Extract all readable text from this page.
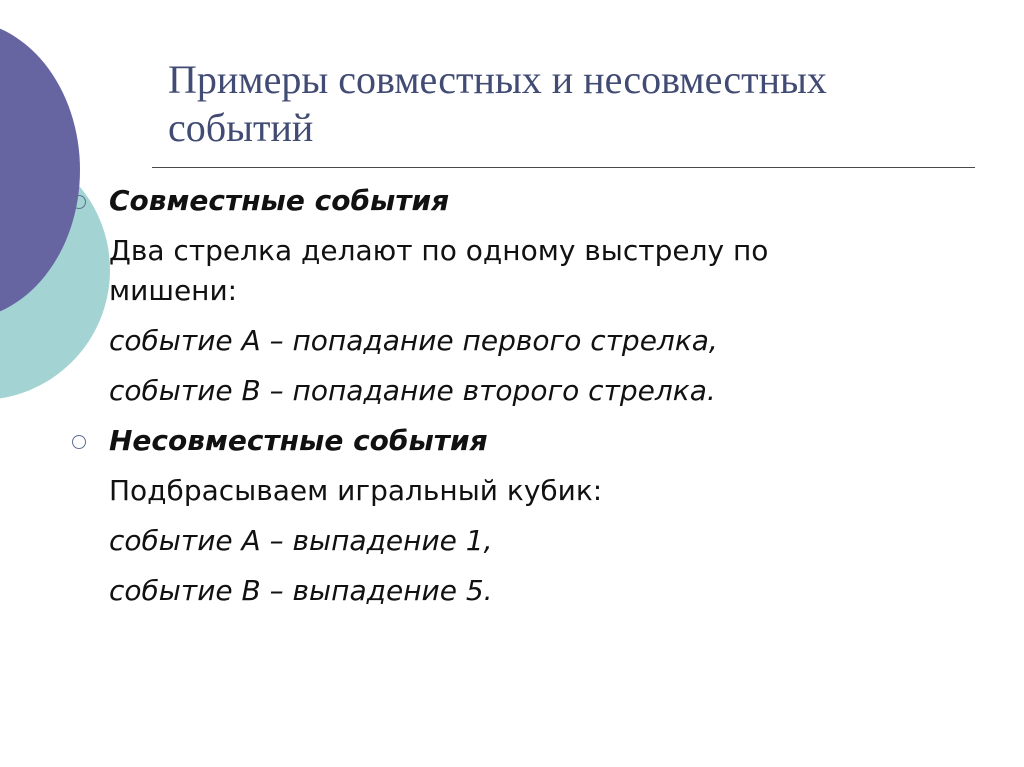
Примеры совместных и несовместных событий
Совместные события
Два стрелка делают по одному выстрелу по
мишени:
событие А – попадание первого стрелка,
событие В – попадание второго стрелка.
Несовместные события
Подбрасываем игральный кубик:
событие А – выпадение 1,
событие В – выпадение 5.
